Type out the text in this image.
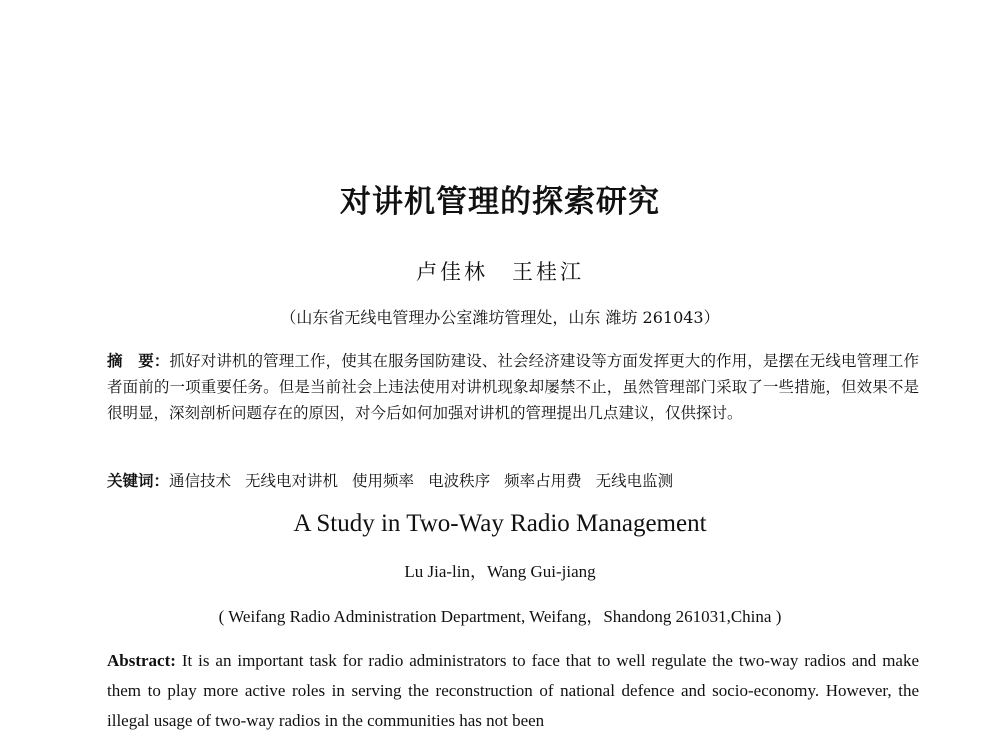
对讲机管理的探索研究
卢佳林　王桂江
（山东省无线电管理办公室潍坊管理处，山东 潍坊 261043）
摘　要：抓好对讲机的管理工作，使其在服务国防建设、社会经济建设等方面发挥更大的作用，是摆在无线电管理工作者面前的一项重要任务。但是当前社会上违法使用对讲机现象却屡禁不止，虽然管理部门采取了一些措施，但效果不是很明显，深刻剖析问题存在的原因，对今后如何加强对讲机的管理提出几点建议，仅供探讨。
关键词：通信技术 无线电对讲机 使用频率 电波秩序 频率占用费 无线电监测
A Study in Two-Way Radio Management
Lu Jia-lin，Wang Gui-jiang
( Weifang Radio Administration Department, Weifang，Shandong 261031,China )
Abstract: It is an important task for radio administrators to face that to well regulate the two-way radios and make them to play more active roles in serving the reconstruction of national defence and socio-economy. However, the illegal usage of two-way radios in the communities has not been
